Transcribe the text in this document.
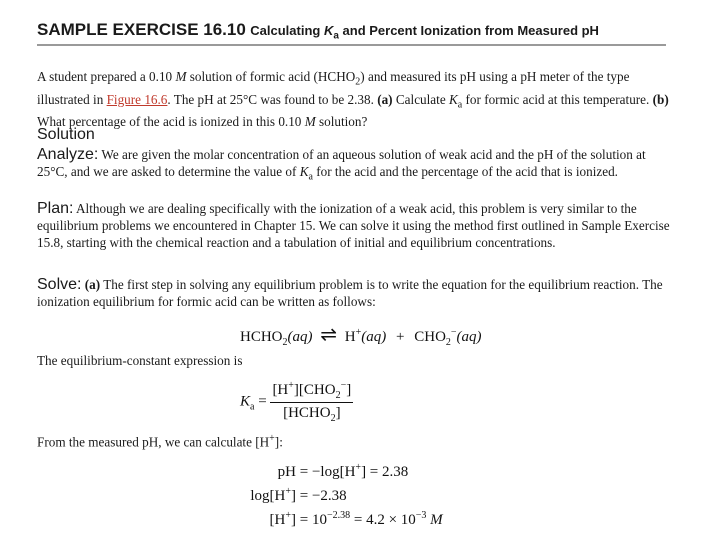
SAMPLE EXERCISE 16.10 Calculating $K_a$ and Percent Ionization from Measured pH
A student prepared a 0.10 M solution of formic acid $(HCHO_2)$ and measured its pH using a pH meter of the type illustrated in Figure 16.6. The pH at 25°C was found to be 2.38. (a) Calculate $K_a$ for formic acid at this temperature. (b) What percentage of the acid is ionized in this 0.10 M solution?
Solution
Analyze: We are given the molar concentration of an aqueous solution of weak acid and the pH of the solution at 25°C, and we are asked to determine the value of $K_a$ for the acid and the percentage of the acid that is ionized.
Plan: Although we are dealing specifically with the ionization of a weak acid, this problem is very similar to the equilibrium problems we encountered in Chapter 15. We can solve it using the method first outlined in Sample Exercise 15.8, starting with the chemical reaction and a tabulation of initial and equilibrium concentrations.
Solve: (a) The first step in solving any equilibrium problem is to write the equation for the equilibrium reaction. The ionization equilibrium for formic acid can be written as follows:
$HCHO_2(aq)$ ⇌ $H^+(aq) + CHO_2^-(aq)$
The equilibrium-constant expression is
$K_a = \frac{[H^+][CHO_2^-]}{[HCHO_2]}$
From the measured pH, we can calculate [H+]:
pH = −log[H+] = 2.38
log[H+] = −2.38
$[H^+] = 10^{-2.38} = 4.2 \times 10^{-3}$ M
